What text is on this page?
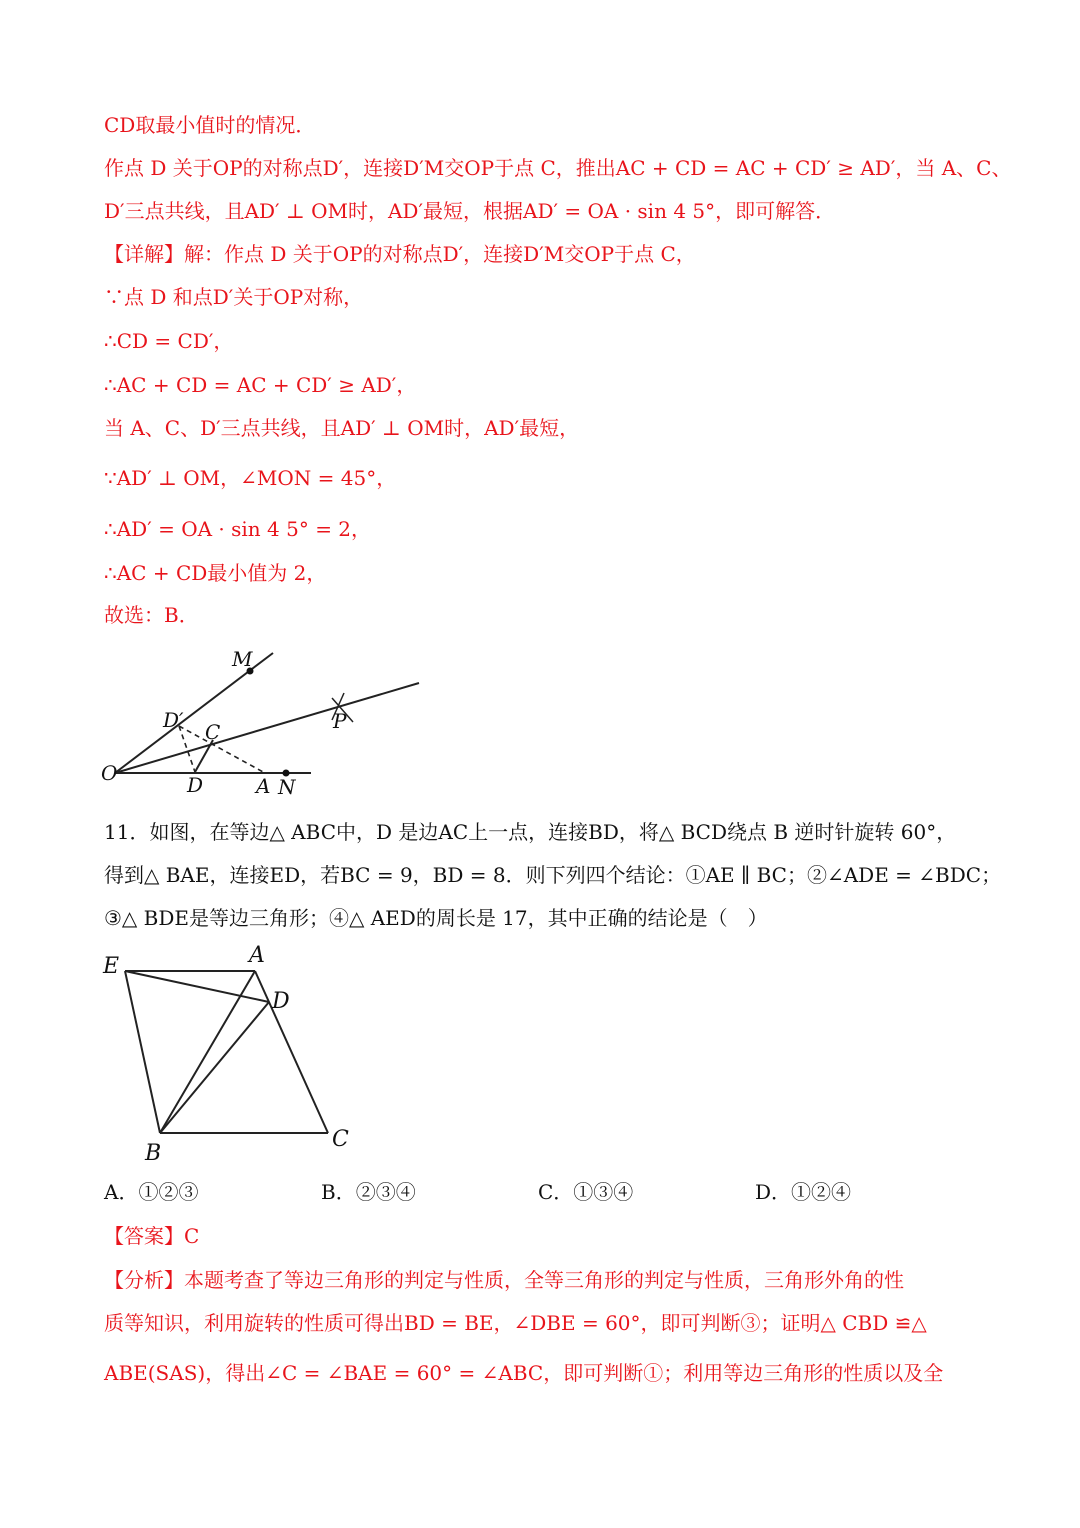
CD取最小值时的情况．
作点 D 关于OP的对称点D′，连接D′M交OP于点 C，推出AC + CD = AC + CD′ ≥ AD′，当 A、C、
D′三点共线，且AD′ ⊥ OM时，AD′最短，根据AD′ = OA · sin 4 5°，即可解答．
【详解】解：作点 D 关于OP的对称点D′，连接D′M交OP于点 C，
∵点 D 和点D′关于OP对称，
∴CD = CD′，
∴AC + CD = AC + CD′ ≥ AD′，
当 A、C、D′三点共线，且AD′ ⊥ OM时，AD′最短，
∵AD′ ⊥ OM，∠MON = 45°，
∴AD′ = OA · sin 4 5° = 2，
∴AC + CD最小值为 2，
故选：B．
M
D′ C	P
O	D	A N
11．如图，在等边△ ABC中，D 是边AC上一点，连接BD，将△ BCD绕点 B 逆时针旋转 60°，
得到△ BAE，连接ED，若BC = 9，BD = 8．则下列四个结论：①AE ∥ BC；②∠ADE = ∠BDC；
③△ BDE是等边三角形；④△ AED的周长是 17，其中正确的结论是（　）
E	A
D
B
C
A．①②③	B．②③④	C．①③④	D．①②④
【答案】C
【分析】本题考查了等边三角形的判定与性质，全等三角形的判定与性质，三角形外角的性
质等知识，利用旋转的性质可得出BD = BE，∠DBE = 60°，即可判断③；证明△ CBD ≌△
ABE(SAS)，得出∠C = ∠BAE = 60° = ∠ABC，即可判断①；利用等边三角形的性质以及全
